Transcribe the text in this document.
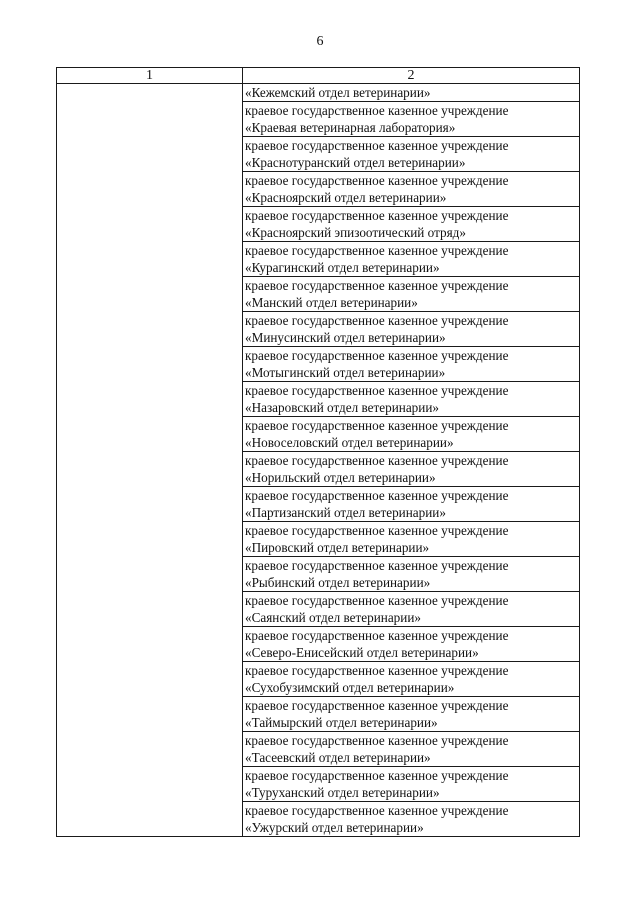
6
1	2

	«Кежемский отдел ветеринарии»

	краевое государственное казенное учреждение
«Краевая ветеринарная лаборатория»

	краевое государственное казенное учреждение
«Краснотуранский отдел ветеринарии»

	краевое государственное казенное учреждение
«Красноярский отдел ветеринарии»

	краевое государственное казенное учреждение
«Красноярский эпизоотический отряд»

	краевое государственное казенное учреждение
«Курагинский отдел ветеринарии»

	краевое государственное казенное учреждение
«Манский отдел ветеринарии»

	краевое государственное казенное учреждение
«Минусинский отдел ветеринарии»

	краевое государственное казенное учреждение
«Мотыгинский отдел ветеринарии»

	краевое государственное казенное учреждение
«Назаровский отдел ветеринарии»

	краевое государственное казенное учреждение
«Новоселовский отдел ветеринарии»

	краевое государственное казенное учреждение
«Норильский отдел ветеринарии»

	краевое государственное казенное учреждение
«Партизанский отдел ветеринарии»

	краевое государственное казенное учреждение
«Пировский отдел ветеринарии»

	краевое государственное казенное учреждение
«Рыбинский отдел ветеринарии»

	краевое государственное казенное учреждение
«Саянский отдел ветеринарии»

	краевое государственное казенное учреждение
«Северо-Енисейский отдел ветеринарии»

	краевое государственное казенное учреждение
«Сухобузимский отдел ветеринарии»

	краевое государственное казенное учреждение
«Таймырский отдел ветеринарии»

	краевое государственное казенное учреждение
«Тасеевский отдел ветеринарии»

	краевое государственное казенное учреждение
«Туруханский отдел ветеринарии»

	краевое государственное казенное учреждение
«Ужурский отдел ветеринарии»
